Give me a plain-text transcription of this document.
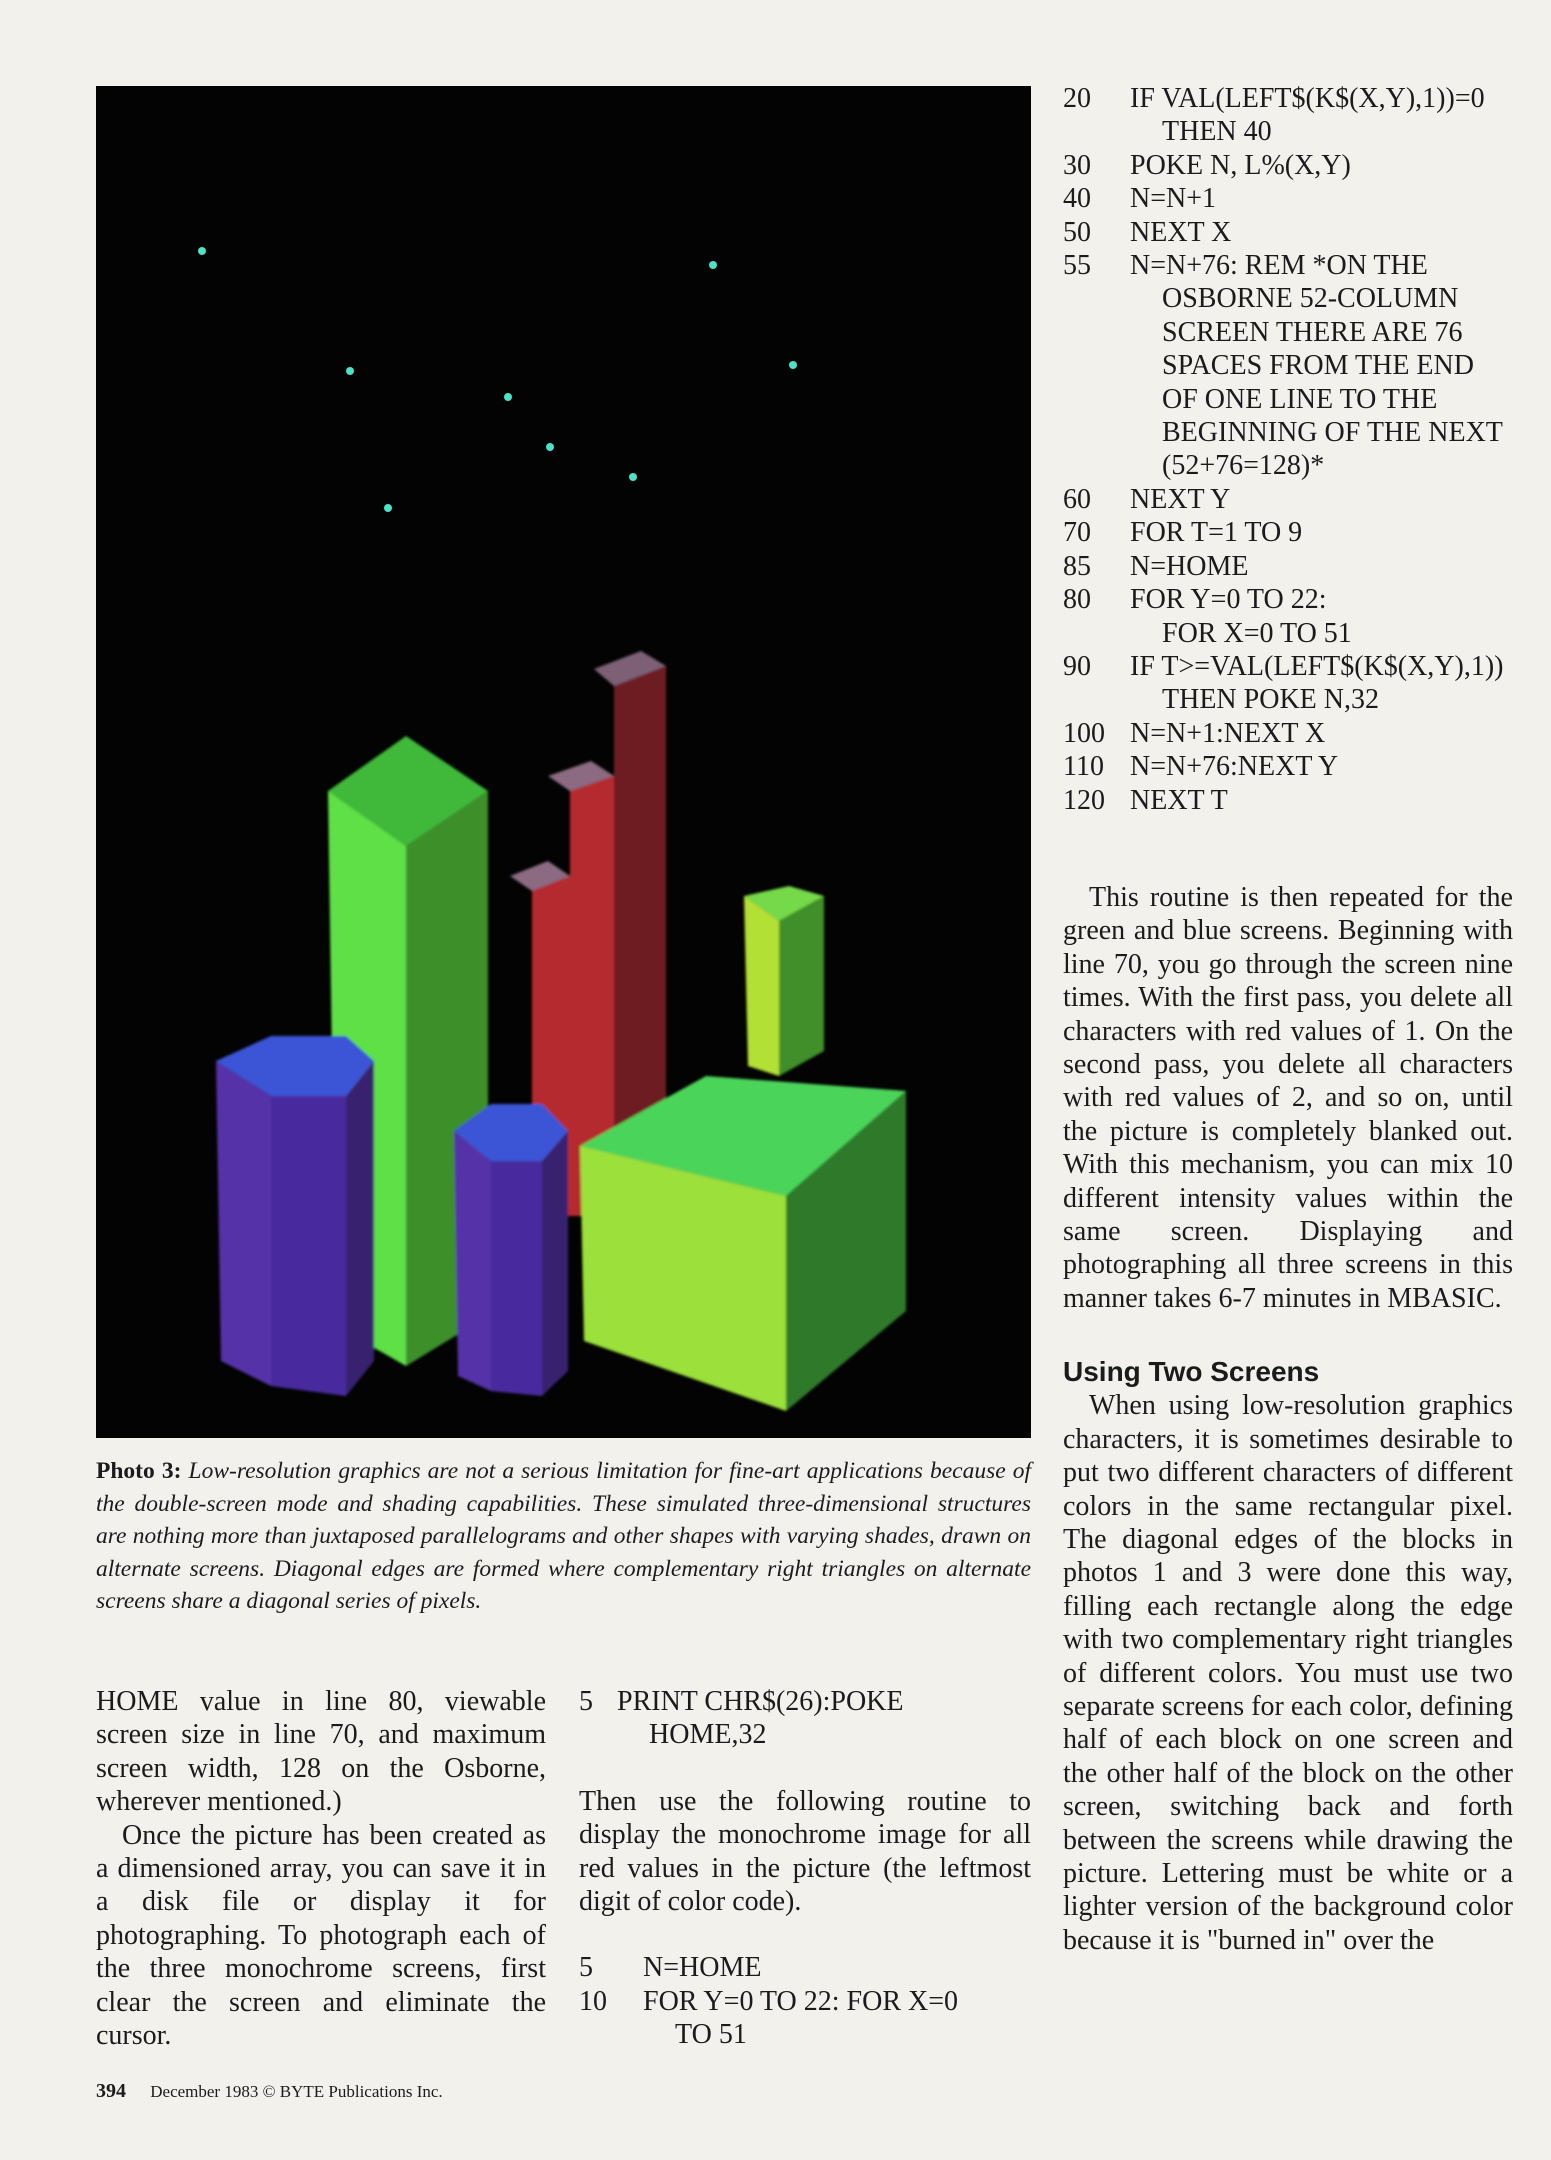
Photo 3: Low-resolution graphics are not a serious limitation for fine-art applications because of the double-screen mode and shading capabilities. These simulated three-dimensional structures are nothing more than juxtaposed parallelograms and other shapes with varying shades, drawn on alternate screens. Diagonal edges are formed where complementary right triangles on alternate screens share a diagonal series of pixels.
20	IF VAL(LEFT$(K$(X,Y),1))=0
THEN 40
30	POKE N, L%(X,Y)
40	N=N+1
50	NEXT X
55	N=N+76: REM *ON THE
OSBORNE 52-COLUMN
SCREEN THERE ARE 76
SPACES FROM THE END
OF ONE LINE TO THE
BEGINNING OF THE NEXT
(52+76=128)*
60	NEXT Y
70	FOR T=1 TO 9
85	N=HOME
80	FOR Y=0 TO 22:
FOR X=0 TO 51
90	IF T>=VAL(LEFT$(K$(X,Y),1))
THEN POKE N,32
100 N=N+1:NEXT X
110 N=N+76:NEXT Y
120 NEXT T

This routine is then repeated for the green and blue screens. Beginning with line 70, you go through the screen nine times. With the first pass, you delete all characters with red values of 1. On the second pass, you delete all characters with red values of 2, and so on, until the picture is completely blanked out. With this mechanism, you can mix 10 different intensity values within the same screen. Displaying and photographing all three screens in this manner takes 6-7 minutes in MBASIC.

Using Two Screens

When using low-resolution graphics characters, it is sometimes desirable to put two different characters of different colors in the same rectangular pixel. The diagonal edges of the blocks in photos 1 and 3 were done this way, filling each rectangle along the edge with two complementary right triangles of different colors. You must use two separate screens for each color, defining half of each block on one screen and the other half of the block on the other screen, switching back and forth between the screens while drawing the picture. Lettering must be white or a lighter version of the background color because it is "burned in" over the

HOME value in line 80, viewable screen size in line 70, and maximum screen width, 128 on the Osborne, wherever mentioned.)

Once the picture has been created as a dimensioned array, you can save it in a disk file or display it for photographing. To photograph each of the three monochrome screens, first clear the screen and eliminate the cursor.

5 PRINT CHR$(26):POKE
HOME,32

Then use the following routine to display the monochrome image for all red values in the picture (the leftmost digit of color code).

5	N=HOME
10	FOR Y=0 TO 22: FOR X=0
TO 51
394 December 1983 © BYTE Publications Inc.
